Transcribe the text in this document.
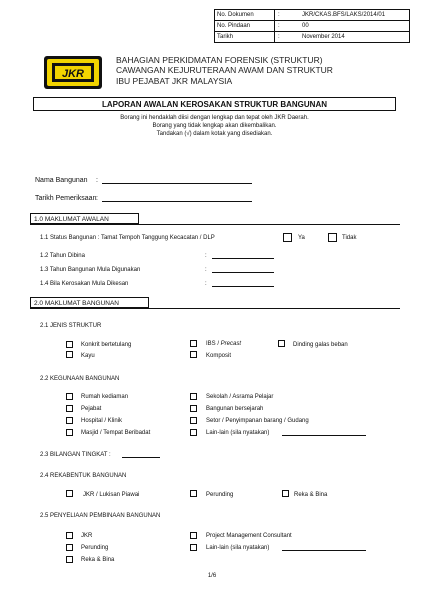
No. Dokumen	:	JKR/CKAS.BFS/LAKS/2014/01
No. Pindaan	:	00
Tarikh	:	November 2014
JKR
BAHAGIAN PERKIDMATAN FORENSIK (STRUKTUR)
CAWANGAN KEJURUTERAAN AWAM DAN STRUKTUR
IBU PEJABAT JKR MALAYSIA
LAPORAN AWALAN KEROSAKAN STRUKTUR BANGUNAN
Borang ini hendaklah diisi dengan lengkap dan tepat oleh JKR Daerah.
Borang yang tidak lengkap akan dikembalikan.
Tandakan (√) dalam kotak yang disediakan.
Nama Bangunan :
Tarikh Pemeriksaan :
1.0 MAKLUMAT AWALAN
1.1 Status Bangunan : Tamat Tempoh Tanggung Kecacatan / DLP	Ya	Tidak
1.2 Tahun Dibina	:
1.3 Tahun Bangunan Mula Digunakan	:
1.4 Bila Kerosakan Mula Dikesan	:
2.0 MAKLUMAT BANGUNAN
2.1 JENIS STRUKTUR
Konkrit bertetulang
Kayu
IBS / Precast
Komposit
Dinding galas beban
2.2 KEGUNAAN BANGUNAN
Rumah kediaman
Pejabat
Hospital / Klinik
Masjid / Tempat Beribadat
Sekolah / Asrama Pelajar
Bangunan bersejarah
Setor / Penyimpanan barang / Gudang
Lain-lain (sila nyatakan)
2.3 BILANGAN TINGKAT :
2.4 REKABENTUK BANGUNAN
JKR / Lukisan Piawai	Perunding	Reka & Bina
2.5 PENYELIAAN PEMBINAAN BANGUNAN
JKR
Perunding
Reka & Bina
Project Management Consultant
Lain-lain (sila nyatakan)
1/6
